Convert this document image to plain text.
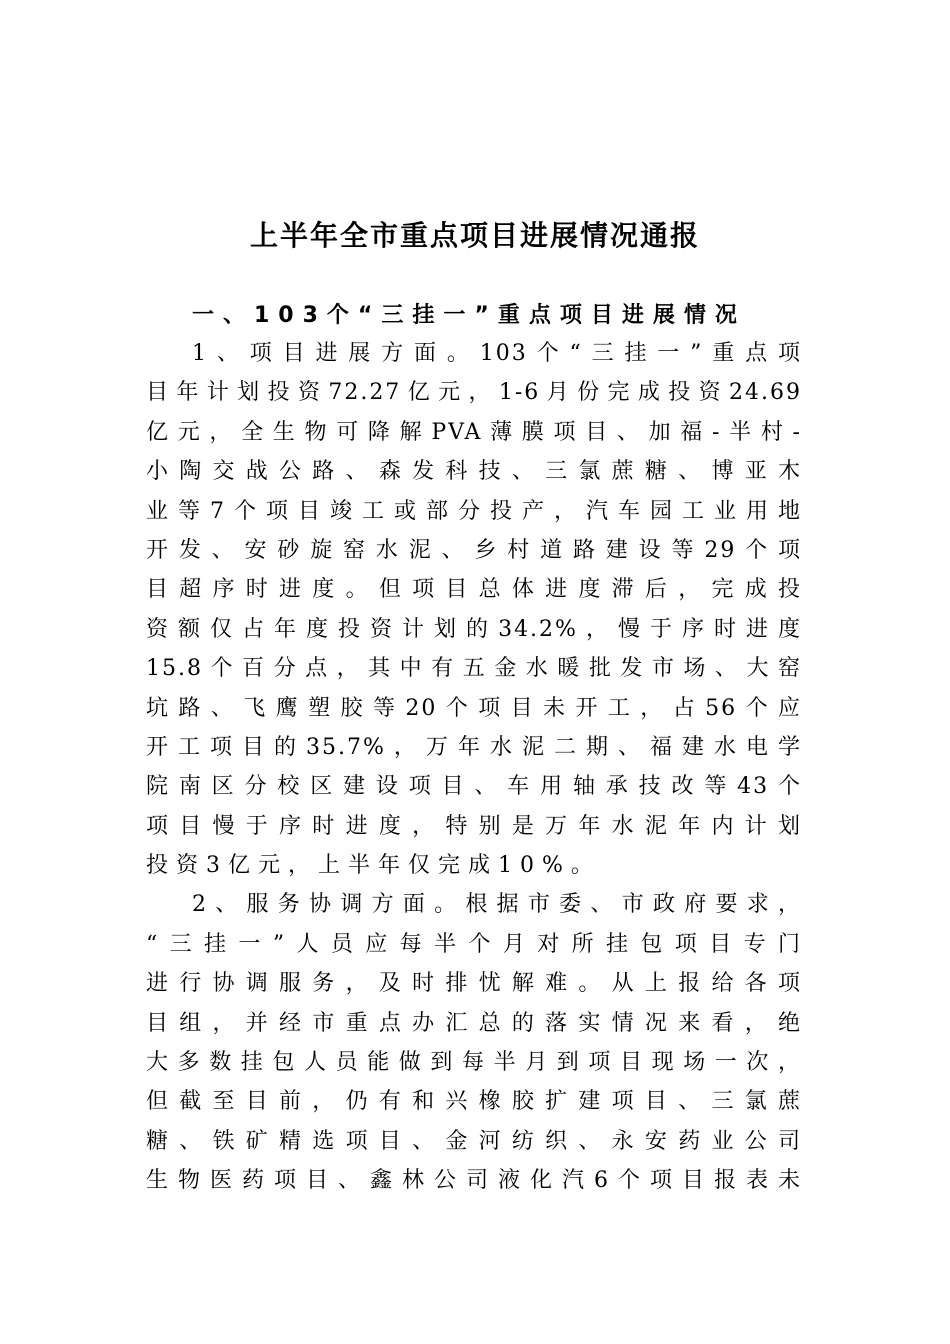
上半年全市重点项目进展情况通报
一、103个“三挂一”重点项目进展情况
1、项目进展方面。103个“三挂一”重点项
目年计划投资72.27亿元，1-6月份完成投资24.69
亿元，全生物可降解PVA薄膜项目、加福-半村-
小陶交战公路、森发科技、三氯蔗糖、博亚木
业等7个项目竣工或部分投产，汽车园工业用地
开发、安砂旋窑水泥、乡村道路建设等29个项
目超序时进度。但项目总体进度滞后，完成投
资额仅占年度投资计划的34.2%，慢于序时进度
15.8个百分点，其中有五金水暖批发市场、大窑
坑路、飞鹰塑胶等20个项目未开工，占56个应
开工项目的35.7%，万年水泥二期、福建水电学
院南区分校区建设项目、车用轴承技改等43个
项目慢于序时进度，特别是万年水泥年内计划
投资3亿元，上半年仅完成10%。
2、服务协调方面。根据市委、市政府要求，
“三挂一”人员应每半个月对所挂包项目专门
进行协调服务，及时排忧解难。从上报给各项
目组，并经市重点办汇总的落实情况来看，绝
大多数挂包人员能做到每半月到项目现场一次，
但截至目前，仍有和兴橡胶扩建项目、三氯蔗
糖、铁矿精选项目、金河纺织、永安药业公司
生物医药项目、鑫林公司液化汽6个项目报表未
